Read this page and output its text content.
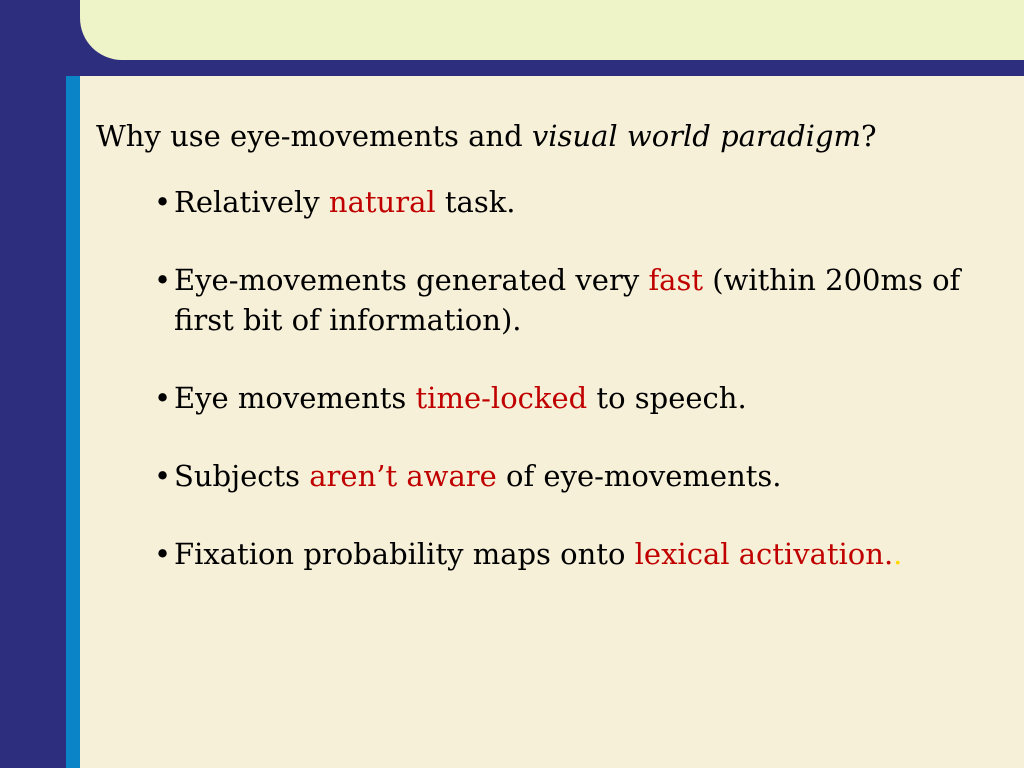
Why use eye-movements and visual world paradigm?

• Relatively natural task.
• Eye-movements generated very fast (within 200ms of first bit of information).
• Eye movements time-locked to speech.
• Subjects aren’t aware of eye-movements.
• Fixation probability maps onto lexical activation..
